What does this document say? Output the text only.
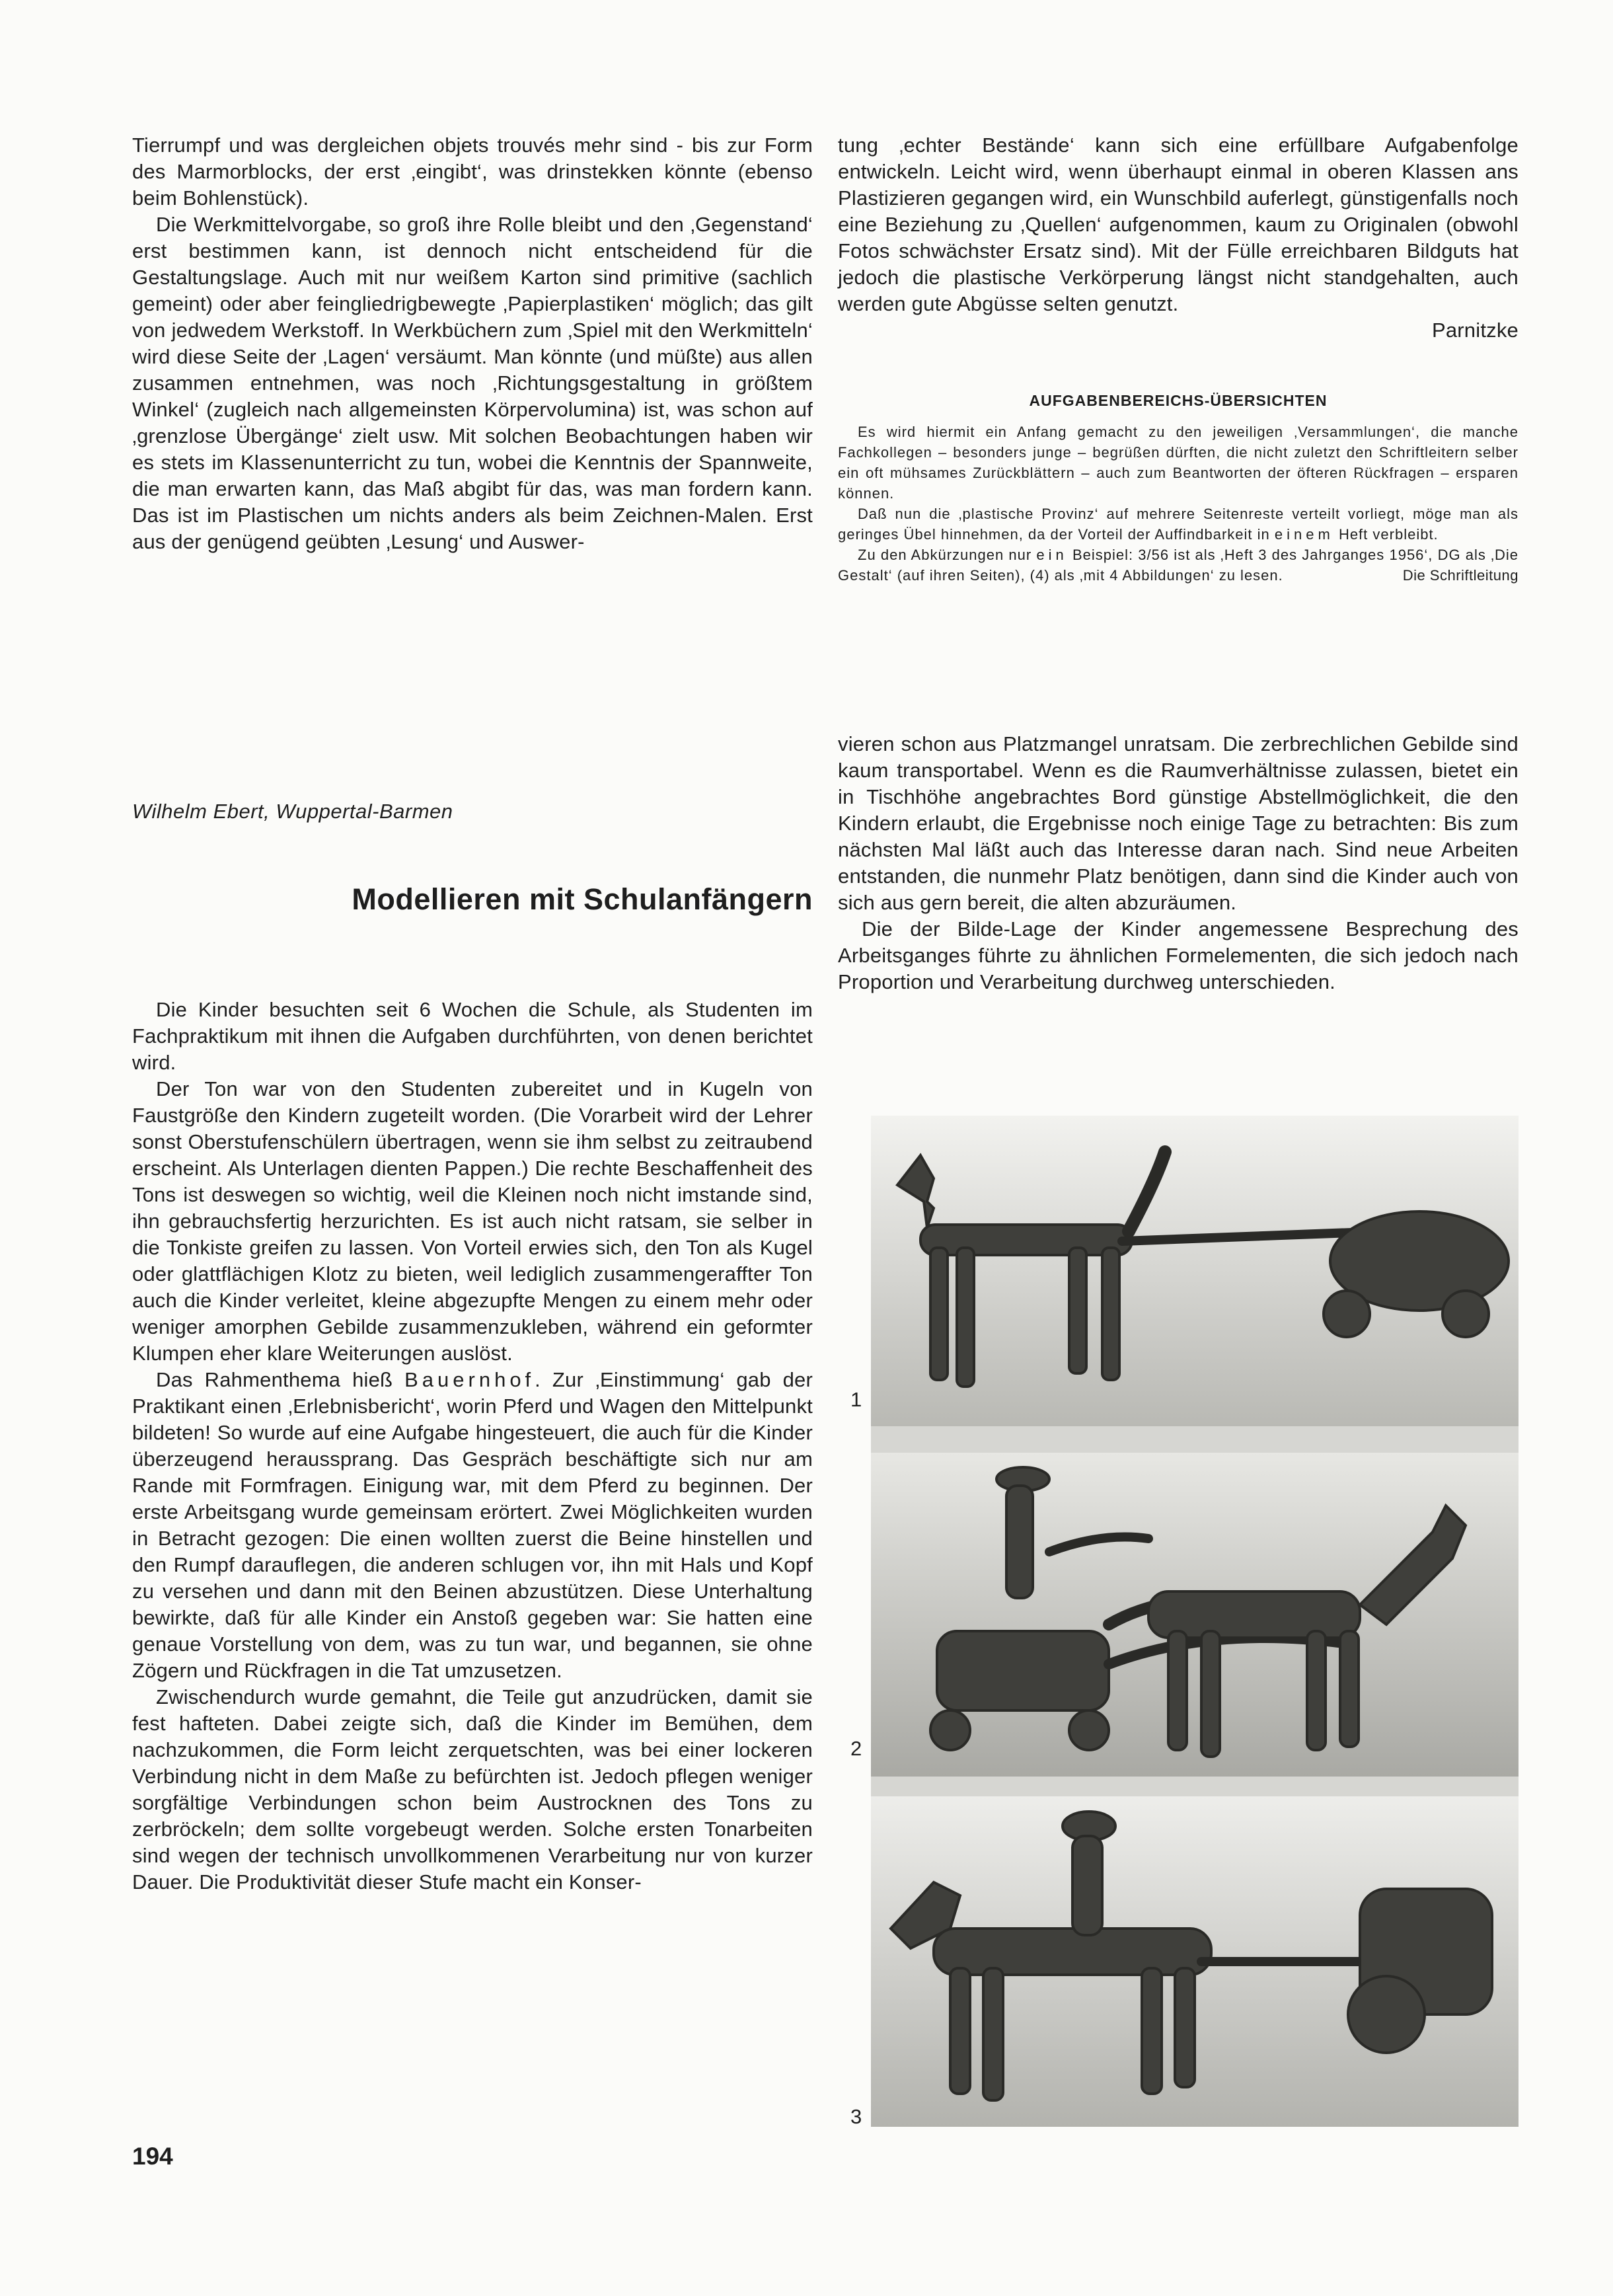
Tierrumpf und was dergleichen objets trouvés mehr sind - bis zur Form des Marmorblocks, der erst ‚eingibt‘, was drinstekken könnte (ebenso beim Bohlenstück).

Die Werkmittelvorgabe, so groß ihre Rolle bleibt und den ‚Gegenstand‘ erst bestimmen kann, ist dennoch nicht entscheidend für die Gestaltungslage. Auch mit nur weißem Karton sind primitive (sachlich gemeint) oder aber feingliedrigbewegte ‚Papierplastiken‘ möglich; das gilt von jedwedem Werkstoff. In Werkbüchern zum ‚Spiel mit den Werkmitteln‘ wird diese Seite der ‚Lagen‘ versäumt. Man könnte (und müßte) aus allen zusammen entnehmen, was noch ‚Richtungsgestaltung in größtem Winkel‘ (zugleich nach allgemeinsten Körpervolumina) ist, was schon auf ‚grenzlose Übergänge‘ zielt usw. Mit solchen Beobachtungen haben wir es stets im Klassenunterricht zu tun, wobei die Kenntnis der Spannweite, die man erwarten kann, das Maß abgibt für das, was man fordern kann. Das ist im Plastischen um nichts anders als beim Zeichnen-Malen. Erst aus der genügend geübten ‚Lesung‘ und Auswer-

tung ‚echter Bestände‘ kann sich eine erfüllbare Aufgabenfolge entwickeln. Leicht wird, wenn überhaupt einmal in oberen Klassen ans Plastizieren gegangen wird, ein Wunschbild auferlegt, günstigenfalls noch eine Beziehung zu ‚Quellen‘ aufgenommen, kaum zu Originalen (obwohl Fotos schwächster Ersatz sind). Mit der Fülle erreichbaren Bildguts hat jedoch die plastische Verkörperung längst nicht standgehalten, auch werden gute Abgüsse selten genutzt.

Parnitzke
AUFGABENBEREICHS-ÜBERSICHTEN

Es wird hiermit ein Anfang gemacht zu den jeweiligen ‚Versammlungen‘, die manche Fachkollegen – besonders junge – begrüßen dürften, die nicht zuletzt den Schriftleitern selber ein oft mühsames Zurückblättern – auch zum Beantworten der öfteren Rückfragen – ersparen können.

Daß nun die ‚plastische Provinz‘ auf mehrere Seitenreste verteilt vorliegt, möge man als geringes Übel hinnehmen, da der Vorteil der Auffindbarkeit in einem Heft verbleibt.

Zu den Abkürzungen nur ein Beispiel: 3/56 ist als ‚Heft 3 des Jahrganges 1956‘, DG als ‚Die Gestalt‘ (auf ihren Seiten), (4) als ‚mit 4 Abbildungen‘ zu lesen.	Die Schriftleitung

Wilhelm Ebert, Wuppertal-Barmen
Modellieren mit Schulanfängern

Die Kinder besuchten seit 6 Wochen die Schule, als Studenten im Fachpraktikum mit ihnen die Aufgaben durchführten, von denen berichtet wird.

Der Ton war von den Studenten zubereitet und in Kugeln von Faustgröße den Kindern zugeteilt worden. (Die Vorarbeit wird der Lehrer sonst Oberstufenschülern übertragen, wenn sie ihm selbst zu zeitraubend erscheint. Als Unterlagen dienten Pappen.) Die rechte Beschaffenheit des Tons ist deswegen so wichtig, weil die Kleinen noch nicht imstande sind, ihn gebrauchsfertig herzurichten. Es ist auch nicht ratsam, sie selber in die Tonkiste greifen zu lassen. Von Vorteil erwies sich, den Ton als Kugel oder glattflächigen Klotz zu bieten, weil lediglich zusammengeraffter Ton auch die Kinder verleitet, kleine abgezupfte Mengen zu einem mehr oder weniger amorphen Gebilde zusammenzukleben, während ein geformter Klumpen eher klare Weiterungen auslöst.

Das Rahmenthema hieß Bauernhof. Zur ‚Einstimmung‘ gab der Praktikant einen ‚Erlebnisbericht‘, worin Pferd und Wagen den Mittelpunkt bildeten! So wurde auf eine Aufgabe hingesteuert, die auch für die Kinder überzeugend heraussprang. Das Gespräch beschäftigte sich nur am Rande mit Formfragen. Einigung war, mit dem Pferd zu beginnen. Der erste Arbeitsgang wurde gemeinsam erörtert. Zwei Möglichkeiten wurden in Betracht gezogen: Die einen wollten zuerst die Beine hinstellen und den Rumpf darauflegen, die anderen schlugen vor, ihn mit Hals und Kopf zu versehen und dann mit den Beinen abzustützen. Diese Unterhaltung bewirkte, daß für alle Kinder ein Anstoß gegeben war: Sie hatten eine genaue Vorstellung von dem, was zu tun war, und begannen, sie ohne Zögern und Rückfragen in die Tat umzusetzen.

Zwischendurch wurde gemahnt, die Teile gut anzudrücken, damit sie fest hafteten. Dabei zeigte sich, daß die Kinder im Bemühen, dem nachzukommen, die Form leicht zerquetschten, was bei einer lockeren Verbindung nicht in dem Maße zu befürchten ist. Jedoch pflegen weniger sorgfältige Verbindungen schon beim Austrocknen des Tons zu zerbröckeln; dem sollte vorgebeugt werden. Solche ersten Tonarbeiten sind wegen der technisch unvollkommenen Verarbeitung nur von kurzer Dauer. Die Produktivität dieser Stufe macht ein Konser-

vieren schon aus Platzmangel unratsam. Die zerbrechlichen Gebilde sind kaum transportabel. Wenn es die Raumverhältnisse zulassen, bietet ein in Tischhöhe angebrachtes Bord günstige Abstellmöglichkeit, die den Kindern erlaubt, die Ergebnisse noch einige Tage zu betrachten: Bis zum nächsten Mal läßt auch das Interesse daran nach. Sind neue Arbeiten entstanden, die nunmehr Platz benötigen, dann sind die Kinder auch von sich aus gern bereit, die alten abzuräumen.

Die der Bilde-Lage der Kinder angemessene Besprechung des Arbeitsganges führte zu ähnlichen Formelementen, die sich jedoch nach Proportion und Verarbeitung durchweg unterschieden.

1
2
3
194
